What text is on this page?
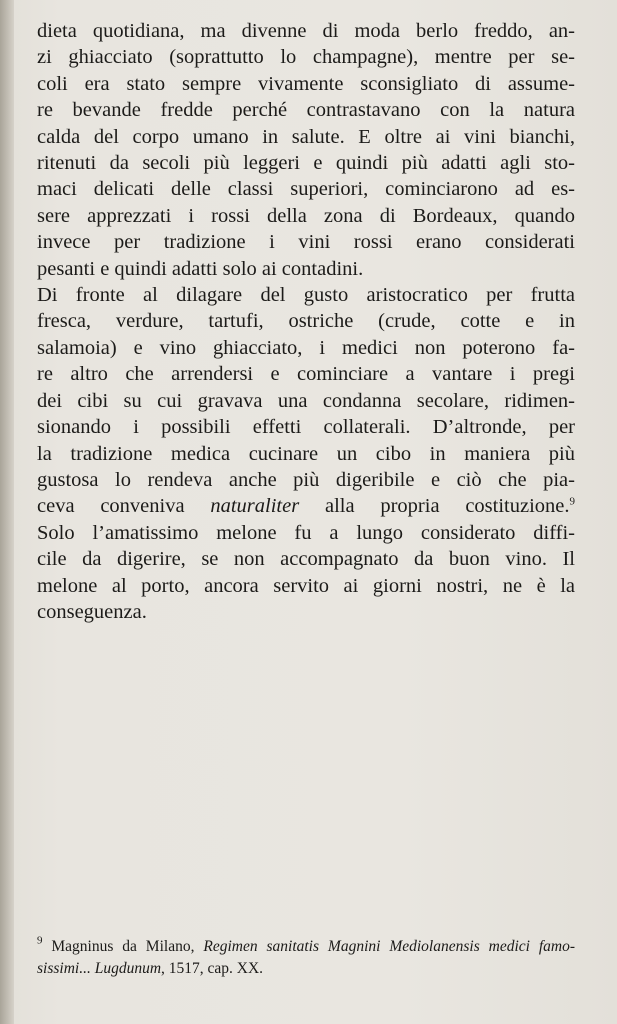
dieta quotidiana, ma divenne di moda berlo freddo, an-
zi ghiacciato (soprattutto lo champagne), mentre per se-
coli era stato sempre vivamente sconsigliato di assume-
re bevande fredde perché contrastavano con la natura
calda del corpo umano in salute. E oltre ai vini bianchi,
ritenuti da secoli più leggeri e quindi più adatti agli sto-
maci delicati delle classi superiori, cominciarono ad es-
sere apprezzati i rossi della zona di Bordeaux, quando
invece per tradizione i vini rossi erano considerati
pesanti e quindi adatti solo ai contadini.
Di fronte al dilagare del gusto aristocratico per frutta
fresca, verdure, tartufi, ostriche (crude, cotte e in
salamoia) e vino ghiacciato, i medici non poterono fa-
re altro che arrendersi e cominciare a vantare i pregi
dei cibi su cui gravava una condanna secolare, ridimen-
sionando i possibili effetti collaterali. D’altronde, per
la tradizione medica cucinare un cibo in maniera più
gustosa lo rendeva anche più digeribile e ciò che pia-
ceva conveniva naturaliter alla propria costituzione.$^9$
Solo l’amatissimo melone fu a lungo considerato diffi-
cile da digerire, se non accompagnato da buon vino. Il
melone al porto, ancora servito ai giorni nostri, ne è la
conseguenza.
$^9$ Magninus da Milano, Regimen sanitatis Magnini Mediolanensis medici famo-
sissimi... Lugdunum, 1517, cap. XX.
